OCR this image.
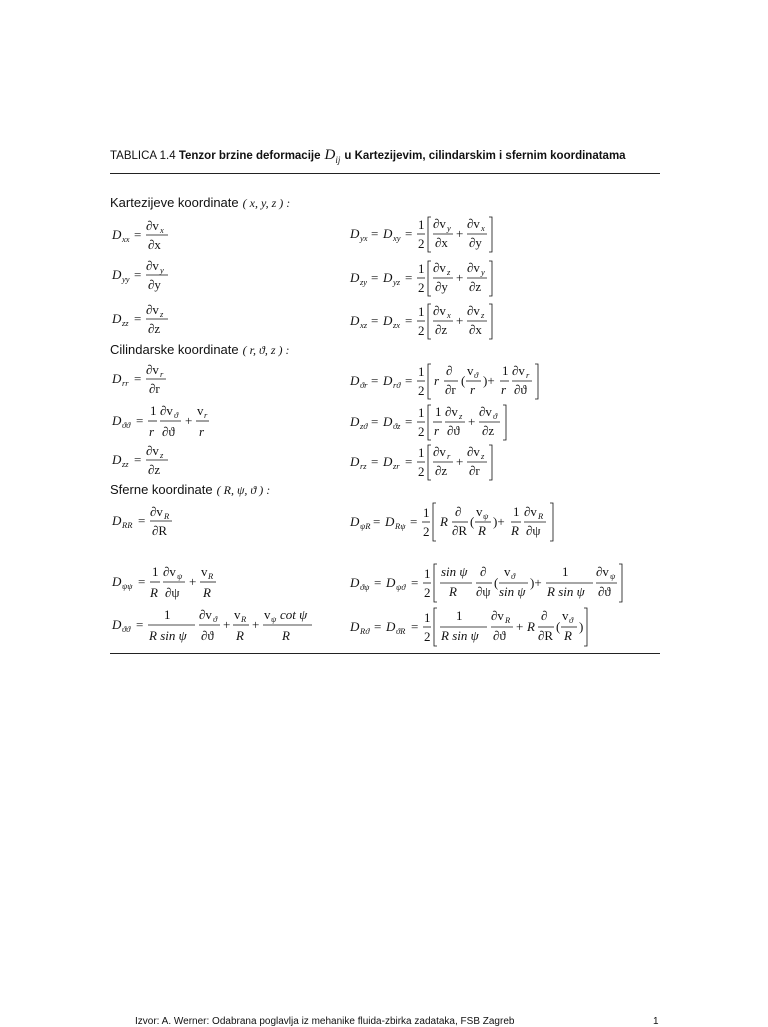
TABLICA 1.4 Tenzor brzine deformacije $D_{ij}$ u Kartezijevim, cilindarskim i sfernim koordinatama
Kartezijeve koordinate ( x, y, z ) :
Cilindarske koordinate ( r, ϑ, z ) :
Sferne koordinate ( R, ψ, ϑ ) :
D xx =
∂v x
∂x
D yy =
∂v y
∂y
D zz =
∂v z
∂z
D yx = D xy =
1
2
∂v y
∂x
+
∂v x
∂y
D zy = D yz =
1
2
∂v z
∂y
+
∂v y
∂z
D xz = D zx =
1
2
∂v x
∂z
+
∂v z
∂x
D rr =
∂v r
∂r
D ϑϑ =
1
r
∂v ϑ
∂ϑ
+
v r
r
D zz =
∂v z
∂z
D ϑr = D rϑ =
1
2
r
∂
∂r
(
v ϑ
r
)+
1
r
∂v r
∂ϑ
D zϑ = D ϑz =
1
2
1
r
∂v z
∂ϑ
+
∂v ϑ
∂z
D rz = D zr =
1
2
∂v r
∂z
+
∂v z
∂r
D RR =
∂v R
∂R
D ψψ =
1
R
∂v ψ
∂ψ
+
v R
R
D ϑϑ =
1
R sin ψ
∂v ϑ
∂ϑ
+
v R
R
+
v ψ cot ψ
R
D ψR = D Rψ =
1
2
R
∂
∂R
(
v ψ
R
)+
1
R
∂v R
∂ψ
D ϑψ = D ψϑ =
1
2
sin ψ
R
∂
∂ψ
(
v ϑ
sin ψ
)+
1
R sin ψ
∂v ψ
∂ϑ
D Rϑ = D ϑR =
1
2
1
R sin ψ
∂v R
∂ϑ
+ R
∂
∂R
(
v ϑ
R
)
Izvor: A. Werner: Odabrana poglavlja iz mehanike fluida-zbirka zadataka, FSB Zagreb	1
